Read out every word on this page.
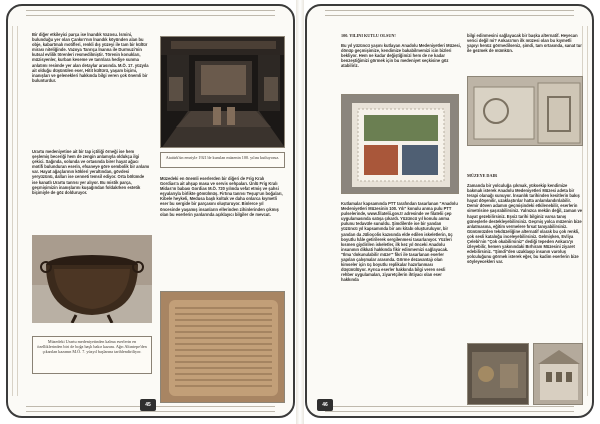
Bir diğer etkileyici parça ise İnandık Vazosu. İsmini, bulunduğu yer olan Çankırı'nın İnandık köyünden alan bu obje, kabartmalı motifleri, renkli dış yüzeyi ile tam bir kültür mirası niteliğinde. Vazoya Tanrıça İnanna ile Durmuzi'nin kutsal evlilik törenleri resmedilmiştir. Törenin konukları, müzisyenler, kurban keseme ve tanrılara hediye sunma anlatımı resimde yer alan detaylar arasında. M.Ö. 17. yüzyıla ait olduğu düşünülen eser, Hitit kültürü, yaşam biçimi, inanışları ve gelenekleri hakkında bilgi veren çok önemli bir bulunturdur.
Urartu medeniyetine ait bir tap içtiliği örneği ise hem şeşlemiş beceriği hem de zengin anlamıyla oldukça ilgi çekici. Sağında, solunda ve ortasında birer hayat ağacı motifi bulunduran eserin, efsaneye göre sembolik bir anlamı var. Hayat ağaçlarının kökleri yeraltından, gövdesi yeryüzünü, dalları ise cenneti temsil ediyor. Orta bölümde ise kanatlı Urartu tanrısı yer alıyor. Bu mistik parça, geçmişimizin inanışlarını kuşağından foldakrken estetik biçimiyle de göz dolduruyor.
Atatürk'ün emriyle 1921'de kurulan müzenin 100. yılını kutluyoruz.
Müzedeki en önemli eserlerden bir diğeri de Frig Kralı Gordias'a ait ahşap masa ve servis sehpaları. Ünlü Frig Kralı Midas'ın babası Gordias M.Ö. 720 yılında vefat etmiş ve şahsi eşyalarıyla birlikte gömülmüş. Firtına tanrısı Teşup'un boğaları, Kibele heykeli, Medusa başlı koltuk ve daha onlarca kıymetli eser bu sergide bir parçasını oluşturuyor. Binlerce yıl öncesinde yaşamış insanların ellerinden zihinlerinden çıkmış olan bu eserlerin yanlarında açıklayıcı bilgiler de mevcut.
Müzedeki Urartu medeniyetinden kalma eserlerin en özelliklerinden biri de boğa başlı bakır kazanı. Ağrı Altıntepe'den çıkarılan kazanın M.Ö. 7. yüzyıl başlarına tarihlendiriliyor.
45
100. YILINI KUTLU OLSUN!
Bu yıl yüzüncü yaşını kutlayan Anadolu Medeniyetleri Müzesi, dönüp geçmişimize, kendimize bakabilmemizi icin bizleri bekliyor. Hem ne kadar değiştiğimizi hem de ne kadar benzeştiğimizi görmek için bu medeniyet seçkisine göz atabiliriz.
Kutlamalar kapsamında PTT tarafından tasarlanan "Anadolu Medeniyetleri Müzesinin 100. Yılı" konulu anma pulu PTT pulselerinde, www.filatelii.gov.tr adresinde ve filatelii çep uygulamasında satışa çıkardı. Yüzüncü yıl konulu anma pulunu tedavüle sunuldu. Şimdilerde ise bir yandan yüzüncü yıl kapsamında bir anı kitabı oluşturuluyor, bir yandan da Jülioçolis kazısında elde edilen iskeletlerin, üç boyutlu hâle getirilerek sergilenmesi tasarlanıyor. Yüzleri kısmen giydirilen iskeletler, ilk kez yıl önceki Anadolu insanının dikkati hakkında fikir edinmemizi sağlayacak. "Ilma 'dokunulabilir müze'" fikri ile tasarlanan eserler yapılan çalışmalar arasında. Görme dezavantajı olan kimseler için üç boyutlu replikalar hazırlanması düşünülüyor. Ayrıca eserler hakkında bilgi veren sesli rehber uygulamaları, ziyaretçilerin ihtiyacı olan eser hakkında
bilgi edinmesini sağlayacak bir başka alternatif. Heyecan verici değil mi? Ankara'nın ilk müzesi olan bu kıymetli yapıyı henüz görmedilseniz, şimdi, tam ortasında, sanat tur ile gezmek de mümkün.
MÜZEYE DAIR
Zamanda bir yolculuğa çıkmak, yüksekip kendimize bakmak isterek Anadolu Medeniyetleri Müzesi adeta bir terapi olanağı sunuyor. İnsanlık tarihinden kesitlerin bakış hayat döşenilir, uzaklaştırılar hatta anlamlandırılabilir. Demir döven adamın geçmişindeki etkilenebilir, eserlerin simetrisine şaşırabilirsiniz. Yalnızca mekân değil, zaman ve hayat gezebilirsiniz. Eşsiz tarihi bilginiz varsa tanış güneşlerle destekleyebilirsiniz. Geçmiş yolca müzenin bize anlatmasına, eğitim vermelere fırsat tanıyabilirsiniz. Günümüzden tekdüzeliğine alternatif olarak bu çok renkli, çok sesli kataloğu inceleyebilirsiniz. Gelmişken, Evliya Çelebi'nin "Çok okabilirsiniz" dediği tepeden Ankara'yı izleyebilir, hemen yakınındaki Bırhiram Müzesini ziyaret edebilirsiniz. "Şimdi"den uzaklaşıp insanın varoluş yolculuğunu görmek isterek eğer, bu kadim eserlerin bize söyleyecekleri var.
46
